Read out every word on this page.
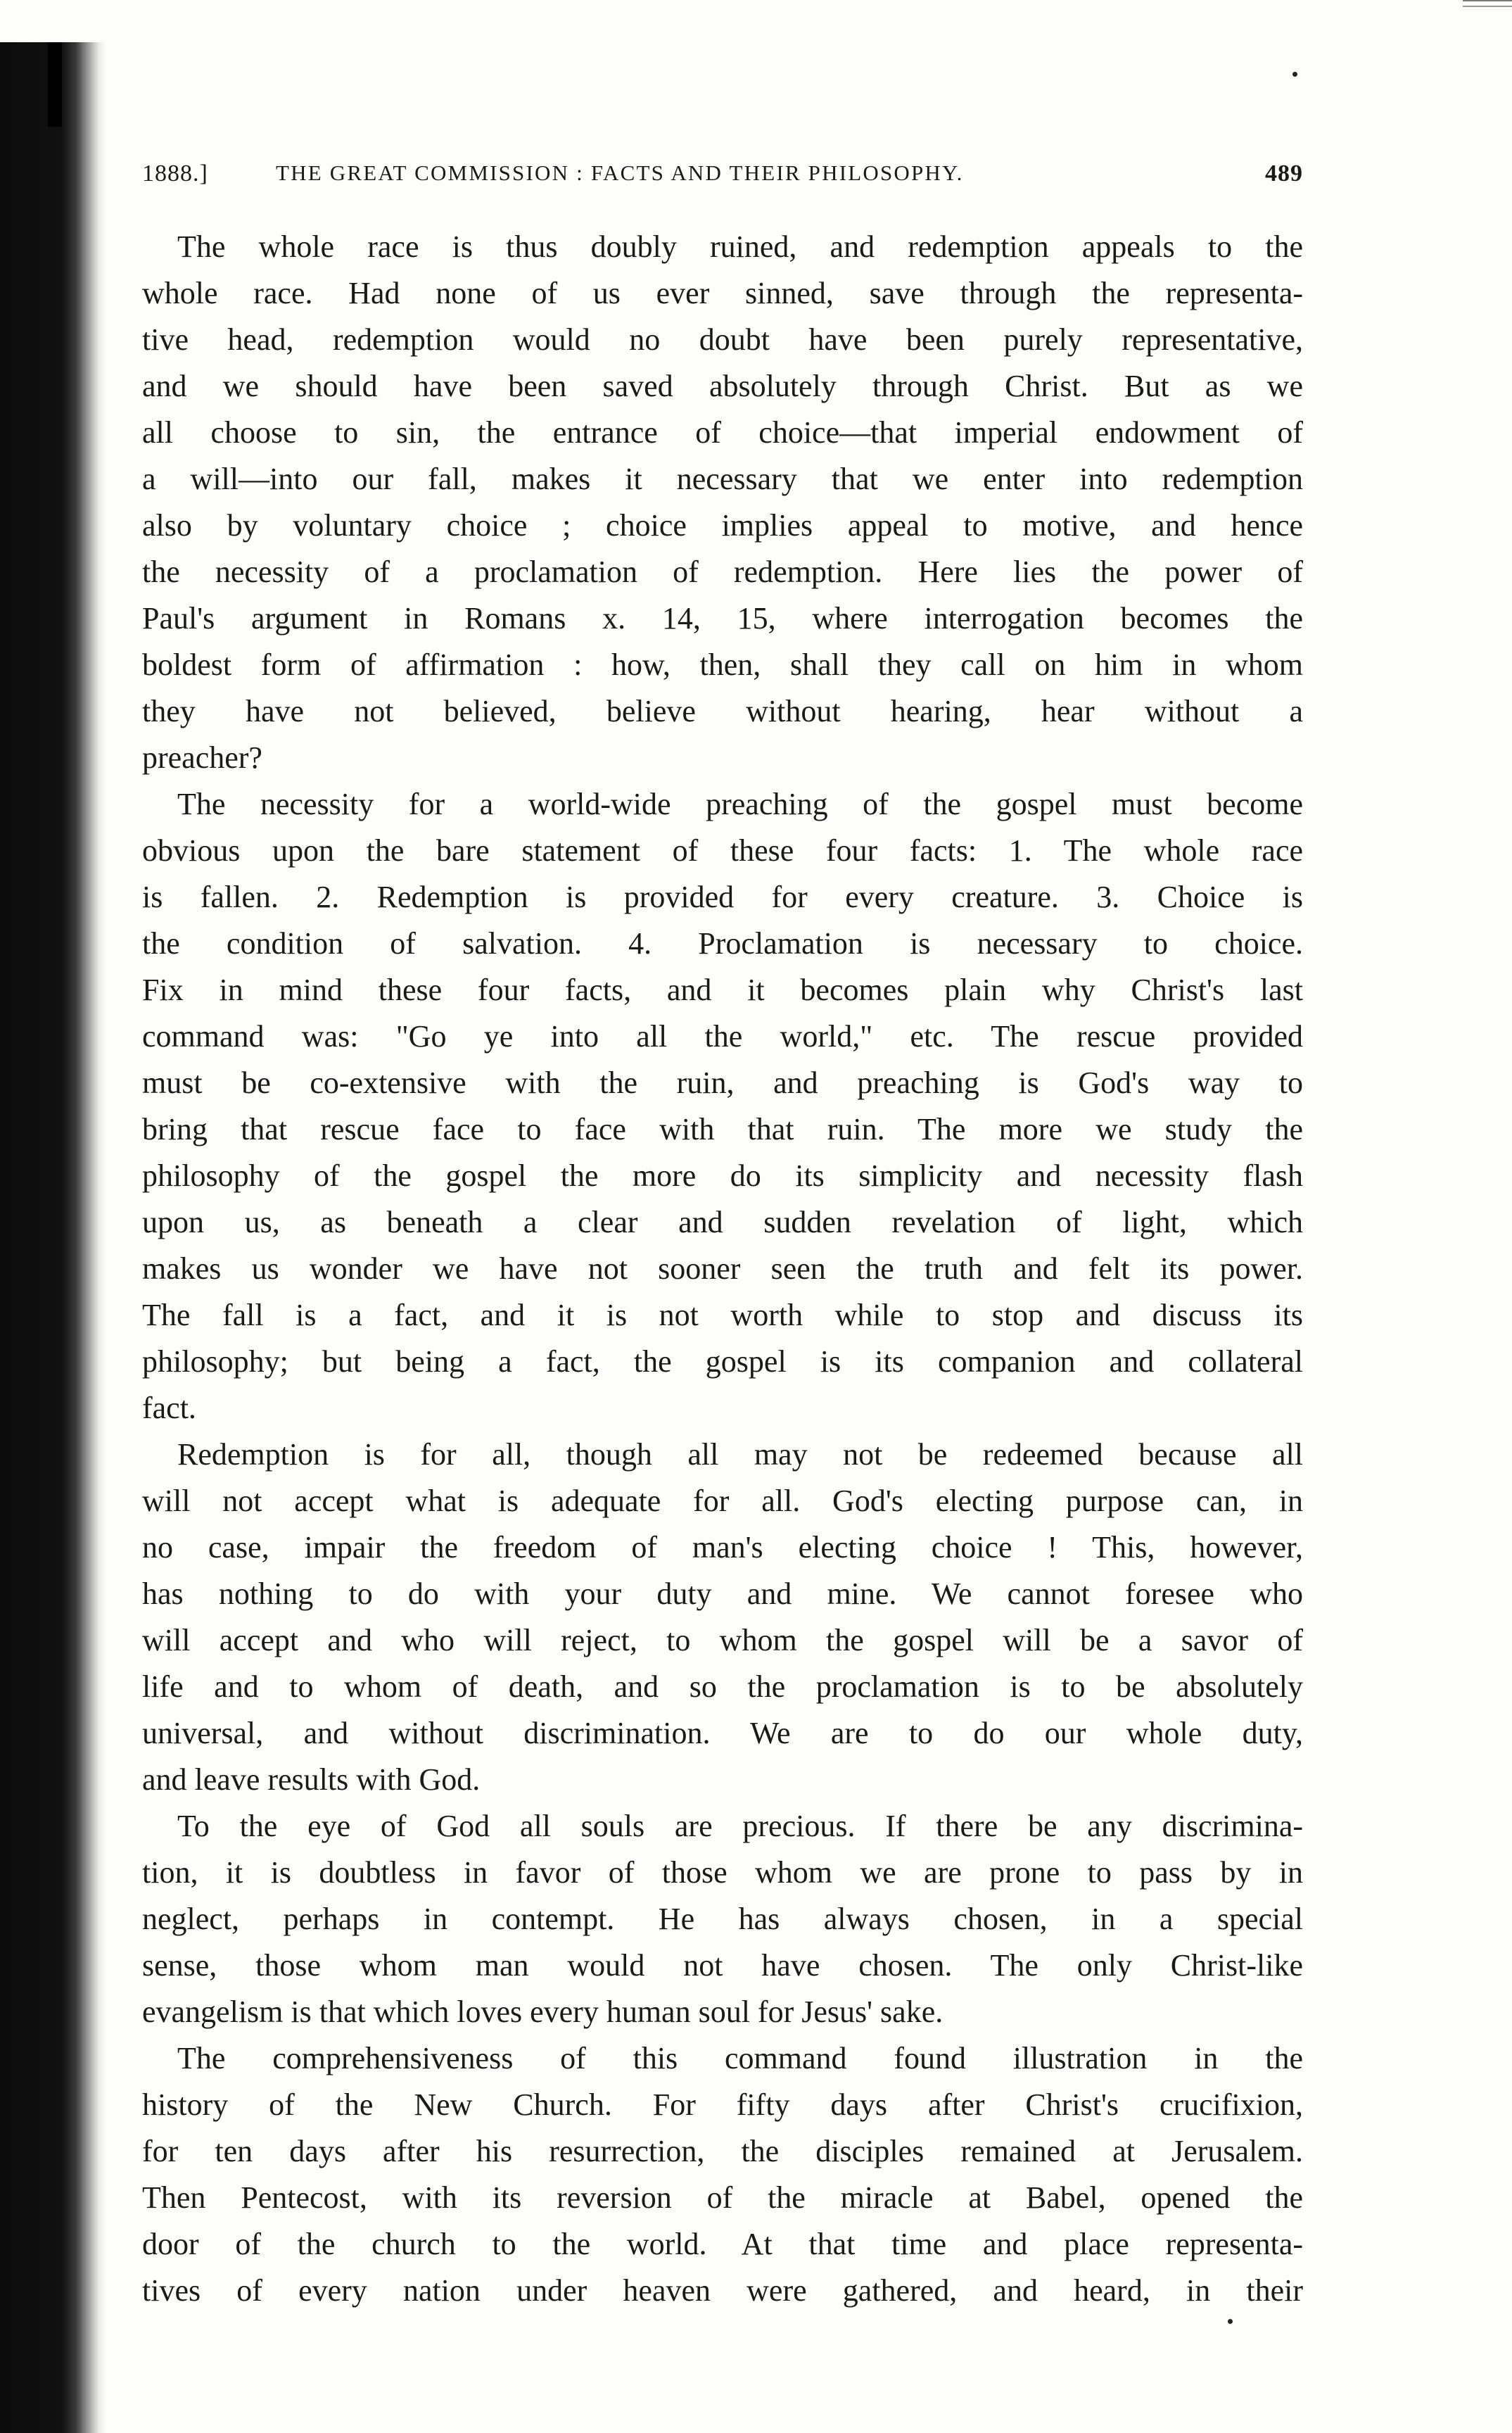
1888.]	THE GREAT COMMISSION : FACTS AND THEIR PHILOSOPHY.	489
The whole race is thus doubly ruined, and redemption appeals to the
whole race. Had none of us ever sinned, save through the representa-
tive head, redemption would no doubt have been purely representative,
and we should have been saved absolutely through Christ. But as we
all choose to sin, the entrance of choice—that imperial endowment of
a will—into our fall, makes it necessary that we enter into redemption
also by voluntary choice ; choice implies appeal to motive, and hence
the necessity of a proclamation of redemption. Here lies the power of
Paul's argument in Romans x. 14, 15, where interrogation becomes the
boldest form of affirmation : how, then, shall they call on him in whom
they have not believed, believe without hearing, hear without a
preacher?
The necessity for a world-wide preaching of the gospel must become
obvious upon the bare statement of these four facts: 1. The whole race
is fallen. 2. Redemption is provided for every creature. 3. Choice is
the condition of salvation. 4. Proclamation is necessary to choice.
Fix in mind these four facts, and it becomes plain why Christ's last
command was: "Go ye into all the world," etc. The rescue provided
must be co-extensive with the ruin, and preaching is God's way to
bring that rescue face to face with that ruin. The more we study the
philosophy of the gospel the more do its simplicity and necessity flash
upon us, as beneath a clear and sudden revelation of light, which
makes us wonder we have not sooner seen the truth and felt its power.
The fall is a fact, and it is not worth while to stop and discuss its
philosophy; but being a fact, the gospel is its companion and collateral
fact.
Redemption is for all, though all may not be redeemed because all
will not accept what is adequate for all. God's electing purpose can, in
no case, impair the freedom of man's electing choice ! This, however,
has nothing to do with your duty and mine. We cannot foresee who
will accept and who will reject, to whom the gospel will be a savor of
life and to whom of death, and so the proclamation is to be absolutely
universal, and without discrimination. We are to do our whole duty,
and leave results with God.
To the eye of God all souls are precious. If there be any discrimina-
tion, it is doubtless in favor of those whom we are prone to pass by in
neglect, perhaps in contempt. He has always chosen, in a special
sense, those whom man would not have chosen. The only Christ-like
evangelism is that which loves every human soul for Jesus' sake.
The comprehensiveness of this command found illustration in the
history of the New Church. For fifty days after Christ's crucifixion,
for ten days after his resurrection, the disciples remained at Jerusalem.
Then Pentecost, with its reversion of the miracle at Babel, opened the
door of the church to the world. At that time and place representa-
tives of every nation under heaven were gathered, and heard, in their
